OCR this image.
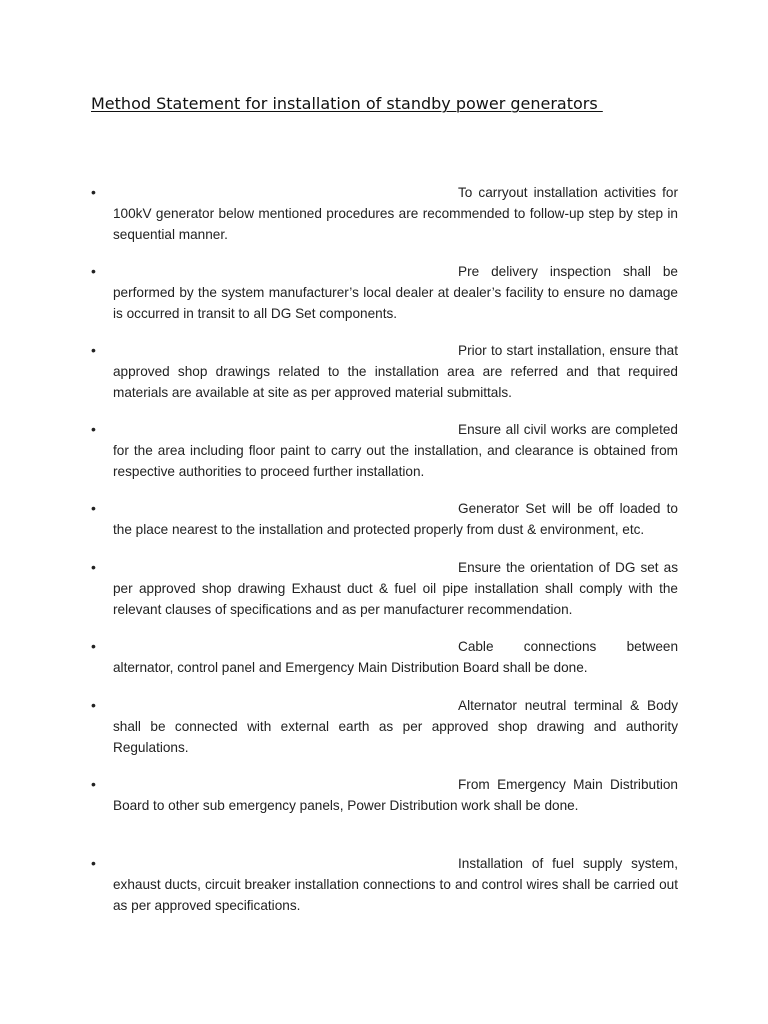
Method Statement for installation of standby power generators
•	To carryout installation activities for 100kV generator below mentioned procedures are recommended to follow-up step by step in sequential manner.

•	Pre delivery inspection shall be performed by the system manufacturer’s local dealer at dealer’s facility to ensure no damage is occurred in transit to all DG Set components.

•	Prior to start installation, ensure that approved shop drawings related to the installation area are referred and that required materials are available at site as per approved material submittals.

•	Ensure all civil works are completed for the area including floor paint to carry out the installation, and clearance is obtained from respective authorities to proceed further installation.

•	Generator Set will be off loaded to the place nearest to the installation and protected properly from dust & environment, etc.

•	Ensure the orientation of DG set as per approved shop drawing Exhaust duct & fuel oil pipe installation shall comply with the relevant clauses of specifications and as per manufacturer recommendation.

•	Cable connections between alternator, control panel and Emergency Main Distribution Board shall be done.

•	Alternator neutral terminal & Body shall be connected with external earth as per approved shop drawing and authority Regulations.

•	From Emergency Main Distribution Board to other sub emergency panels, Power Distribution work shall be done.

•	Installation of fuel supply system, exhaust ducts, circuit breaker installation connections to and control wires shall be carried out as per approved specifications.
